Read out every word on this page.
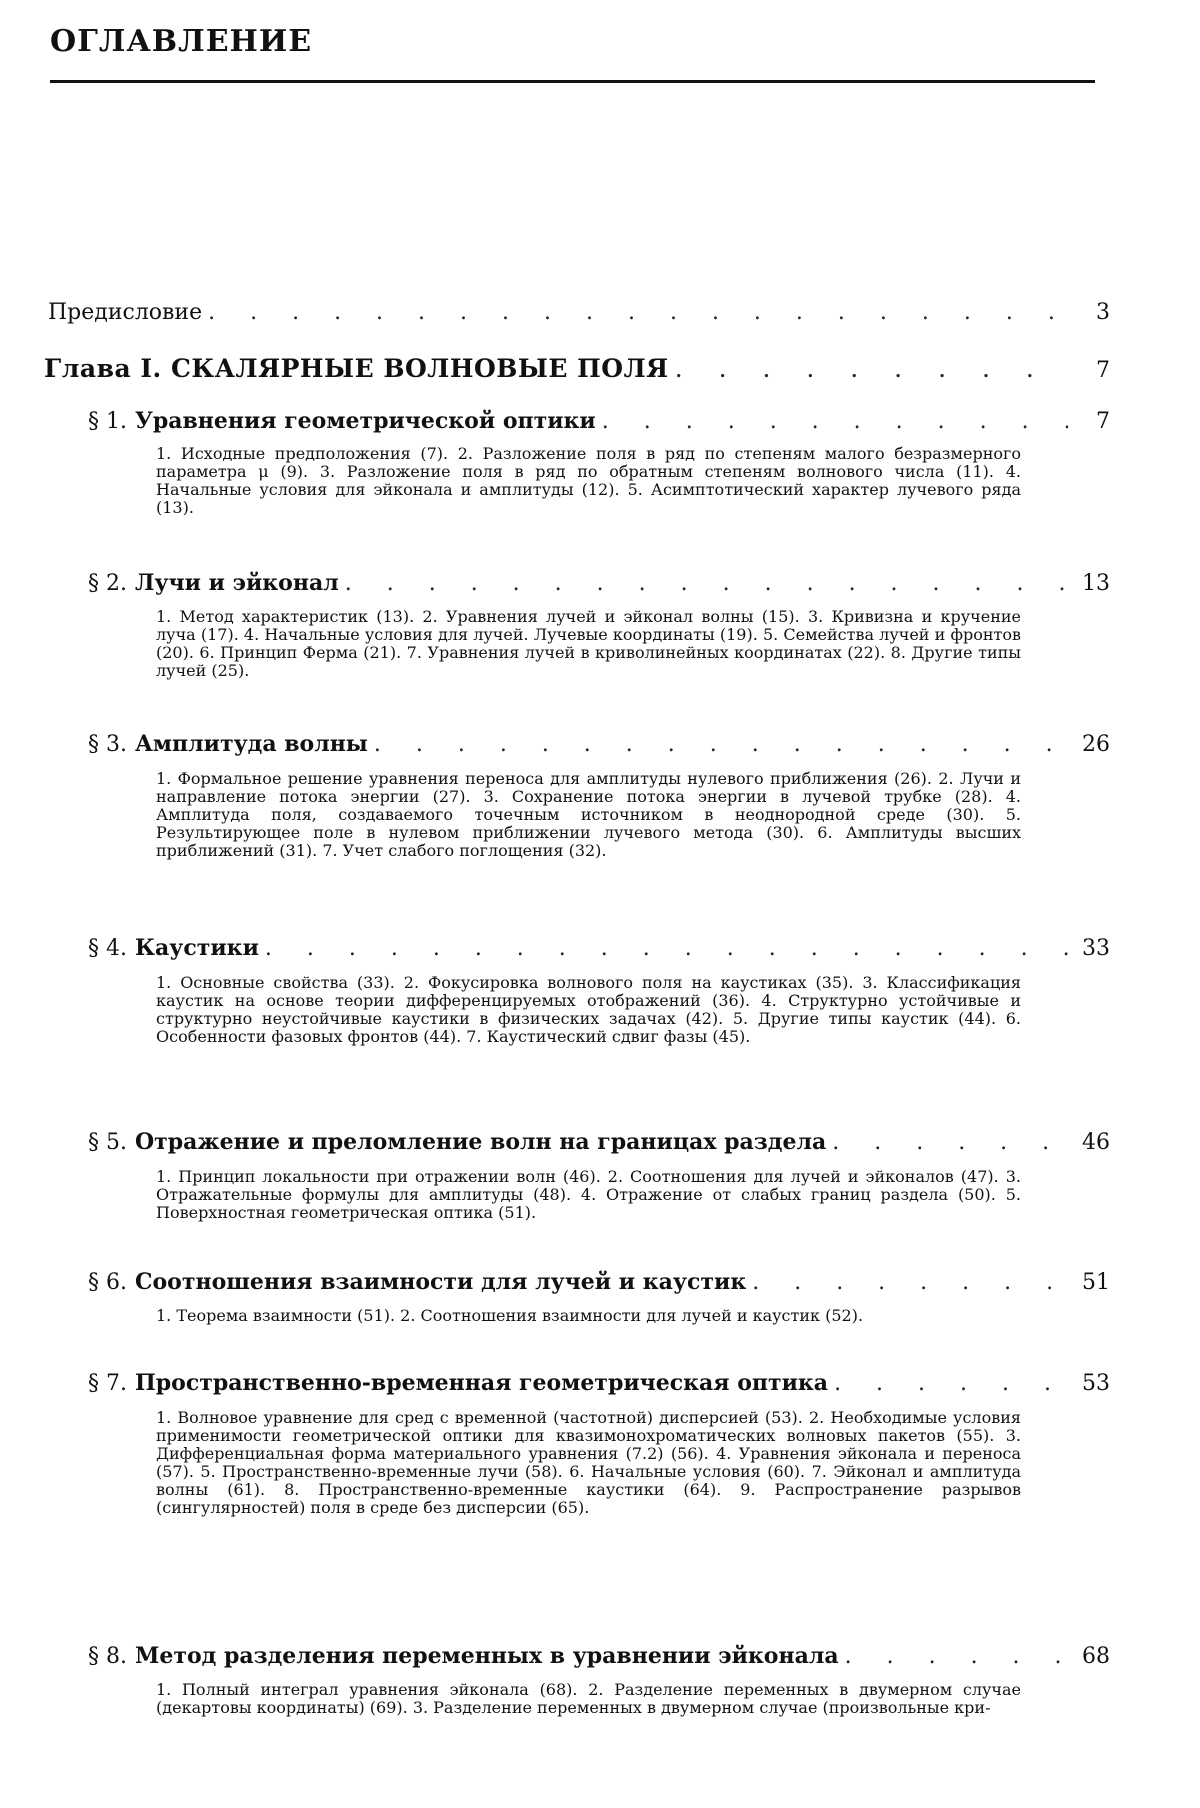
ОГЛАВЛЕНИЕ
Предисловие . . .	3
Глава I. СКАЛЯРНЫЕ ВОЛНОВЫЕ ПОЛЯ . . .	7
§ 1. Уравнения геометрической оптики . . .	7

1. Исходные предположения (7). 2. Разложение поля в ряд по степеням малого безразмерного параметра μ (9). 3. Разложение поля в ряд по обратным степеням волнового числа (11). 4. Начальные условия для эйконала и амплитуды (12). 5. Асимптотический характер лучевого ряда (13).

§ 2. Лучи и эйконал . . .	13

1. Метод характеристик (13). 2. Уравнения лучей и эйконал волны (15). 3. Кривизна и кручение луча (17). 4. Начальные условия для лучей. Лучевые координаты (19). 5. Семейства лучей и фронтов (20). 6. Принцип Ферма (21). 7. Уравнения лучей в криволинейных координатах (22). 8. Другие типы лучей (25).

§ 3. Амплитуда волны . . .	26

1. Формальное решение уравнения переноса для амплитуды нулевого приближения (26). 2. Лучи и направление потока энергии (27). 3. Сохранение потока энергии в лучевой трубке (28). 4. Амплитуда поля, создаваемого точечным источником в неоднородной среде (30). 5. Результирующее поле в нулевом приближении лучевого метода (30). 6. Амплитуды высших приближений (31). 7. Учет слабого поглощения (32).

§ 4. Каустики . . .	33

1. Основные свойства (33). 2. Фокусировка волнового поля на каустиках (35). 3. Классификация каустик на основе теории дифференцируемых отображений (36). 4. Структурно устойчивые и структурно неустойчивые каустики в физических задачах (42). 5. Другие типы каустик (44). 6. Особенности фазовых фронтов (44). 7. Каустический сдвиг фазы (45).

§ 5. Отражение и преломление волн на границах раздела . . .	46

1. Принцип локальности при отражении волн (46). 2. Соотношения для лучей и эйконалов (47). 3. Отражательные формулы для амплитуды (48). 4. Отражение от слабых границ раздела (50). 5. Поверхностная геометрическая оптика (51).

§ 6. Соотношения взаимности для лучей и каустик . . .	51

1. Теорема взаимности (51). 2. Соотношения взаимности для лучей и каустик (52).

§ 7. Пространственно-временная геометрическая оптика . . .	53

1. Волновое уравнение для сред с временной (частотной) дисперсией (53). 2. Необходимые условия применимости геометрической оптики для квазимонохроматических волновых пакетов (55). 3. Дифференциальная форма материального уравнения (7.2) (56). 4. Уравнения эйконала и переноса (57). 5. Пространственно-временные лучи (58). 6. Начальные условия (60). 7. Эйконал и амплитуда волны (61). 8. Пространственно-временные каустики (64). 9. Распространение разрывов (сингулярностей) поля в среде без дисперсии (65).

§ 8. Метод разделения переменных в уравнении эйконала . . .	68

1. Полный интеграл уравнения эйконала (68). 2. Разделение переменных в двумерном случае (декартовы координаты) (69). 3. Разделение переменных в двумерном случае (произвольные кри-
